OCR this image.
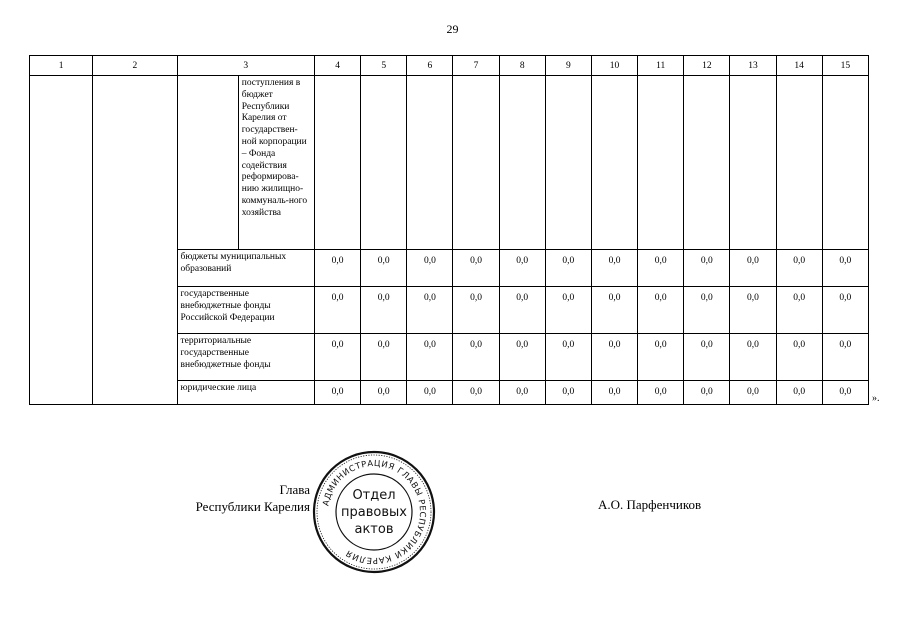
29
1	2	3		4	5	6	7	8	9	10	11	12	13	14	15
			поступления в бюджет Республики Карелия от государствен-ной корпорации – Фонда содействия реформирова-нию жилищно-коммуналь-ного хозяйства												
		бюджеты муниципальных образований		0,0	0,0	0,0	0,0	0,0	0,0	0,0	0,0	0,0	0,0	0,0	0,0
		государственные внебюджетные фонды Российской Федерации		0,0	0,0	0,0	0,0	0,0	0,0	0,0	0,0	0,0	0,0	0,0	0,0
		территориальные государственные внебюджетные фонды		0,0	0,0	0,0	0,0	0,0	0,0	0,0	0,0	0,0	0,0	0,0	0,0
		юридические лица		0,0	0,0	0,0	0,0	0,0	0,0	0,0	0,0	0,0	0,0	0,0	0,0
».
Глава
Республики Карелия АДМИНИСТРАЦИЯ ГЛАВЫ РЕСПУБЛИКИ КАРЕЛИЯ
Отдел
правовых
актов
А.О. Парфенчиков
